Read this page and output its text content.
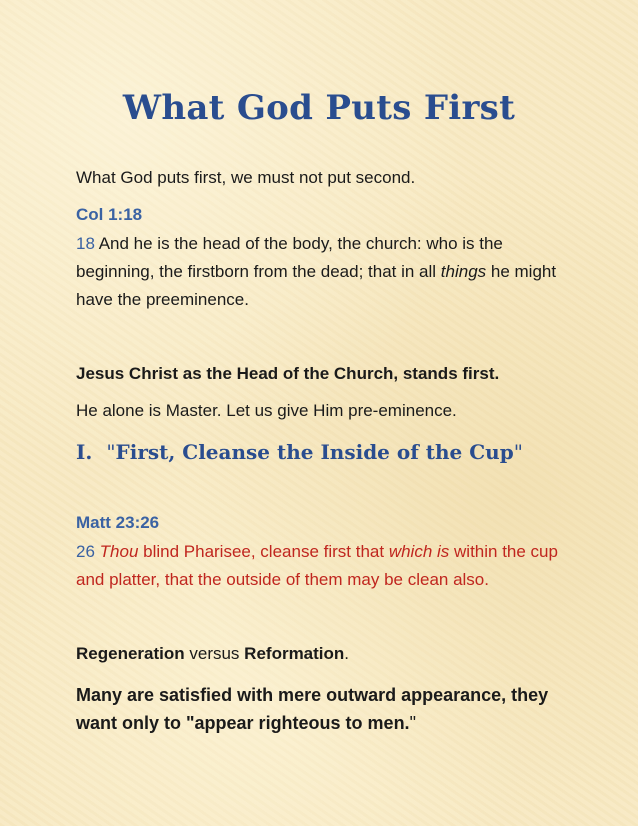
What God Puts First

What God puts first, we must not put second.

Col 1:18

18 And he is the head of the body, the church: who is the beginning, the firstborn from the dead; that in all things he might have the preeminence.

Jesus Christ as the Head of the Church, stands first.

He alone is Master. Let us give Him pre-eminence.

I. "First, Cleanse the Inside of the Cup"

Matt 23:26

26 Thou blind Pharisee, cleanse first that which is within the cup and platter, that the outside of them may be clean also.

Regeneration versus Reformation.

Many are satisfied with mere outward appearance, they want only to "appear righteous to men."
